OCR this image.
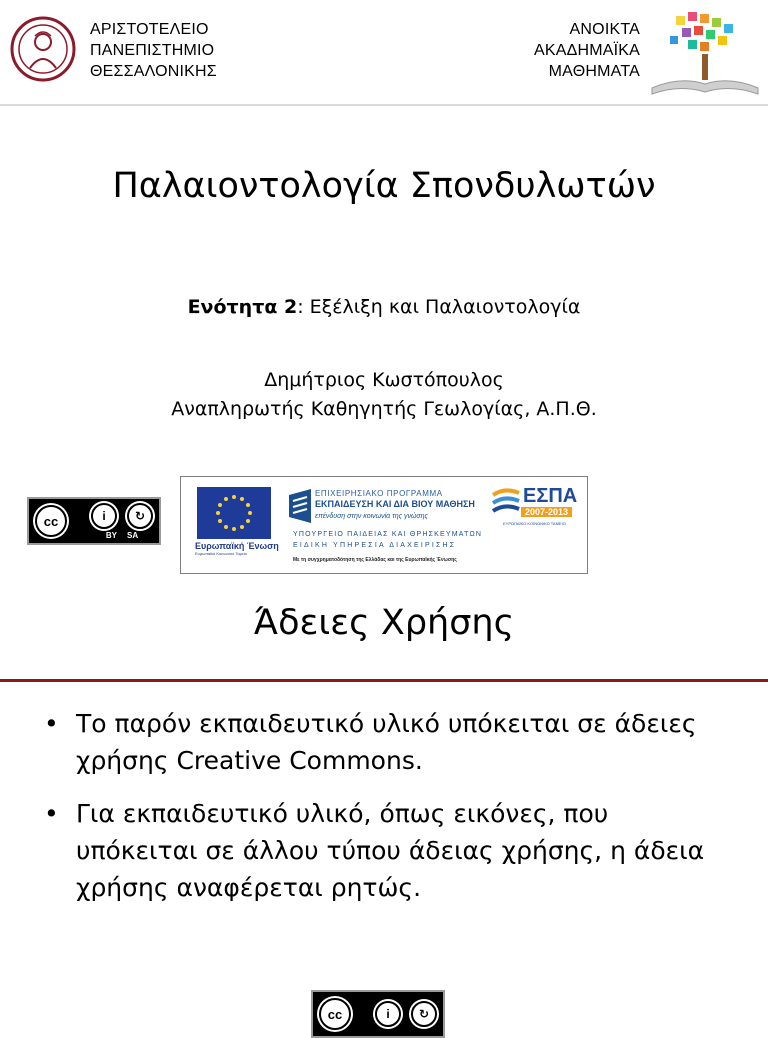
ΑΡΙΣΤΟΤΕΛΕΙΟ
ΠΑΝΕΠΙΣΤΗΜΙΟ
ΘΕΣΣΑΛΟΝΙΚΗΣ
ΑΝΟΙΚΤΑ
ΑΚΑΔΗΜΑΪΚΑ
ΜΑΘΗΜΑΤΑ
Παλαιοντολογία Σπονδυλωτών
Ενότητα 2: Εξέλιξη και Παλαιοντολογία
Δημήτριος Κωστόπουλος
Αναπληρωτής Καθηγητής Γεωλογίας, Α.Π.Θ.
cc	i	↻
BY SA
Ευρωπαϊκή Ένωση
Ευρωπαϊκό Κοινωνικό Ταμείο
ΕΠΙΧΕΙΡΗΣΙΑΚΟ ΠΡΟΓΡΑΜΜΑ
ΕΚΠΑΙΔΕΥΣΗ ΚΑΙ ΔΙΑ ΒΙΟΥ ΜΑΘΗΣΗ
επένδυση στην κοινωνία της γνώσης
ΥΠΟΥΡΓΕΙΟ ΠΑΙΔΕΙΑΣ ΚΑΙ ΘΡΗΣΚΕΥΜΑΤΩΝ
ΕΙΔΙΚΗ ΥΠΗΡΕΣΙΑ ΔΙΑΧΕΙΡΙΣΗΣ
Με τη συγχρηματοδότηση της Ελλάδας και της Ευρωπαϊκής Ένωσης
ΕΣΠΑ
2007-2013
ΕΥΡΩΠΑΪΚΟ ΚΟΙΝΩΝΙΚΟ ΤΑΜΕΙΟ
Άδειες Χρήσης
• Το παρόν εκπαιδευτικό υλικό υπόκειται σε άδειες χρήσης Creative Commons.
• Για εκπαιδευτικό υλικό, όπως εικόνες, που υπόκειται σε άλλου τύπου άδειας χρήσης, η άδεια χρήσης αναφέρεται ρητώς.
cc	i	↻
